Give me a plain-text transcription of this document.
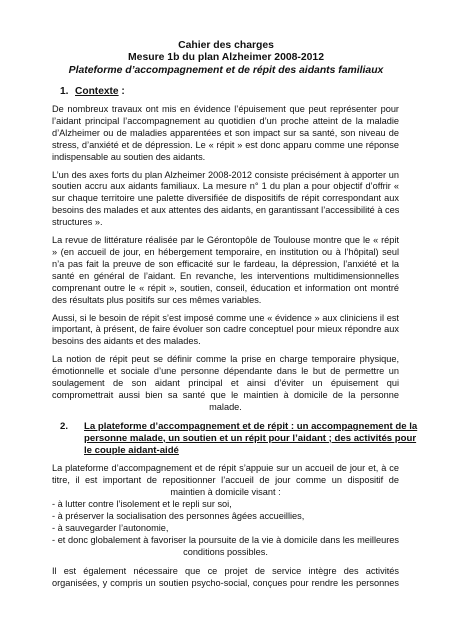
Cahier des charges
Mesure 1b du plan Alzheimer 2008-2012
Plateforme d’accompagnement et de répit des aidants familiaux
1. Contexte :
De nombreux travaux ont mis en évidence l’épuisement que peut représenter pour
l’aidant principal l’accompagnement au quotidien d’un proche atteint de la maladie
d’Alzheimer ou de maladies apparentées et son impact sur sa santé, son niveau de
stress, d’anxiété et de dépression. Le « répit » est donc apparu comme une réponse
indispensable au soutien des aidants.
L’un des axes forts du plan Alzheimer 2008-2012 consiste précisément à apporter un
soutien accru aux aidants familiaux. La mesure n° 1 du plan a pour objectif d’offrir «
sur chaque territoire une palette diversifiée de dispositifs de répit correspondant aux
besoins des malades et aux attentes des aidants, en garantissant l’accessibilité à ces
structures ».
La revue de littérature réalisée par le Gérontopôle de Toulouse montre que le « répit
» (en accueil de jour, en hébergement temporaire, en institution ou à l’hôpital) seul
n’a pas fait la preuve de son efficacité sur le fardeau, la dépression, l’anxiété et la
santé en général de l’aidant. En revanche, les interventions multidimensionnelles
comprenant outre le « répit », soutien, conseil, éducation et information ont montré
des résultats plus positifs sur ces mêmes variables.
Aussi, si le besoin de répit s’est imposé comme une « évidence » aux cliniciens il est
important, à présent, de faire évoluer son cadre conceptuel pour mieux répondre aux
besoins des aidants et des malades.
La notion de répit peut se définir comme la prise en charge temporaire physique,
émotionnelle et sociale d’une personne dépendante dans le but de permettre un
soulagement de son aidant principal et ainsi d’éviter un épuisement qui
compromettrait aussi bien sa santé que le maintien à domicile de la personne
malade.
2. La plateforme d’accompagnement et de répit : un accompagnement de la
personne malade, un soutien et un répit pour l’aidant ; des activités pour
le couple aidant-aidé
La plateforme d’accompagnement et de répit s’appuie sur un accueil de jour et, à ce
titre, il est important de repositionner l’accueil de jour comme un dispositif de
maintien à domicile visant :
- à lutter contre l’isolement et le repli sur soi,
- à préserver la socialisation des personnes âgées accueillies,
- à sauvegarder l’autonomie,
- et donc globalement à favoriser la poursuite de la vie à domicile dans les meilleures
conditions possibles.
Il est également nécessaire que ce projet de service intègre des activités
organisées, y compris un soutien psycho-social, conçues pour rendre les personnes
